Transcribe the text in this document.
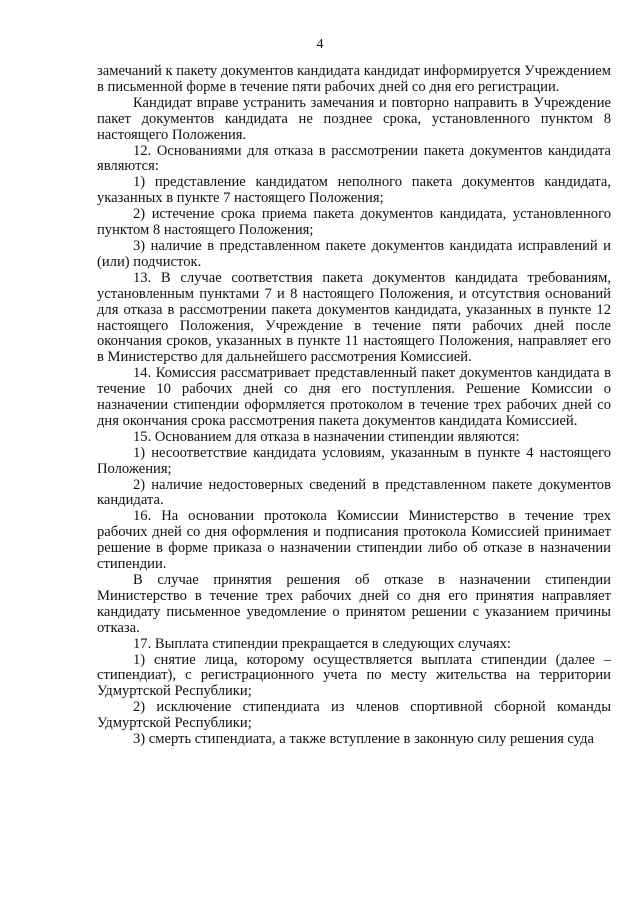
4

замечаний к пакету документов кандидата кандидат информируется Учреждением в письменной форме в течение пяти рабочих дней со дня его регистрации.

Кандидат вправе устранить замечания и повторно направить в Учреждение пакет документов кандидата не позднее срока, установленного пунктом 8 настоящего Положения.

12. Основаниями для отказа в рассмотрении пакета документов кандидата являются:

1) представление кандидатом неполного пакета документов кандидата, указанных в пункте 7 настоящего Положения;

2) истечение срока приема пакета документов кандидата, установленного пунктом 8 настоящего Положения;

3) наличие в представленном пакете документов кандидата исправлений и (или) подчисток.

13. В случае соответствия пакета документов кандидата требованиям, установленным пунктами 7 и 8 настоящего Положения, и отсутствия оснований для отказа в рассмотрении пакета документов кандидата, указанных в пункте 12 настоящего Положения, Учреждение в течение пяти рабочих дней после окончания сроков, указанных в пункте 11 настоящего Положения, направляет его в Министерство для дальнейшего рассмотрения Комиссией.

14. Комиссия рассматривает представленный пакет документов кандидата в течение 10 рабочих дней со дня его поступления. Решение Комиссии о назначении стипендии оформляется протоколом в течение трех рабочих дней со дня окончания срока рассмотрения пакета документов кандидата Комиссией.

15. Основанием для отказа в назначении стипендии являются:

1) несоответствие кандидата условиям, указанным в пункте 4 настоящего Положения;

2) наличие недостоверных сведений в представленном пакете документов кандидата.

16. На основании протокола Комиссии Министерство в течение трех рабочих дней со дня оформления и подписания протокола Комиссией принимает решение в форме приказа о назначении стипендии либо об отказе в назначении стипендии.

В случае принятия решения об отказе в назначении стипендии Министерство в течение трех рабочих дней со дня его принятия направляет кандидату письменное уведомление о принятом решении с указанием причины отказа.

17. Выплата стипендии прекращается в следующих случаях:

1) снятие лица, которому осуществляется выплата стипендии (далее – стипендиат), с регистрационного учета по месту жительства на территории Удмуртской Республики;

2) исключение стипендиата из членов спортивной сборной команды Удмуртской Республики;

3) смерть стипендиата, а также вступление в законную силу решения суда
